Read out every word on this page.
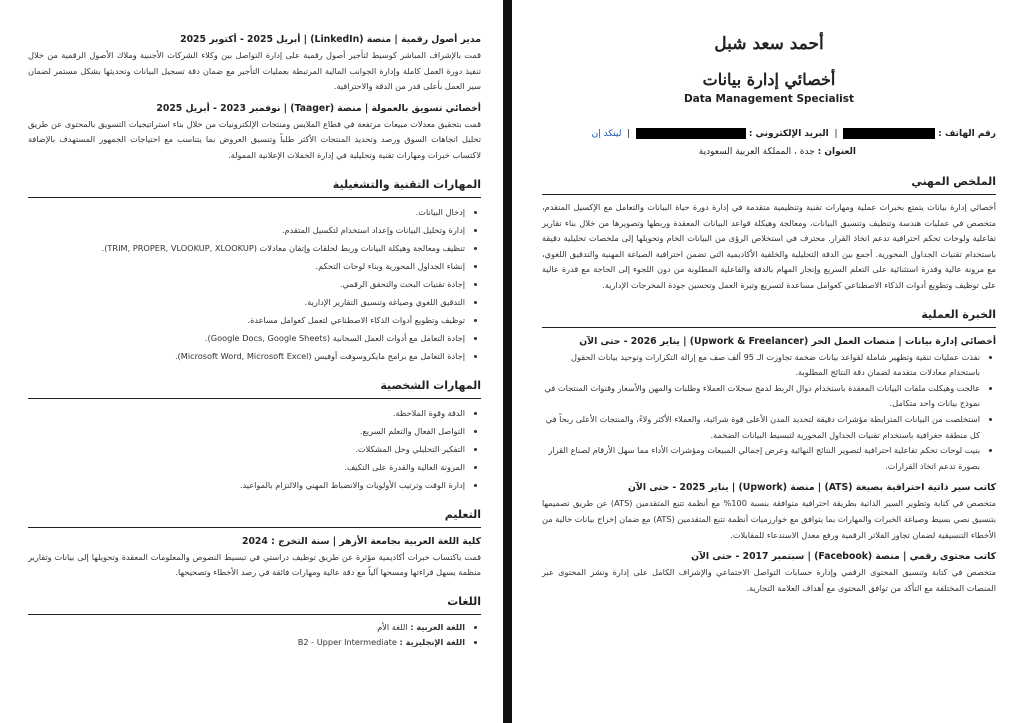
أحمد سعد شبل
أخصائي إدارة بيانات
Data Management Specialist
رقم الهاتف :   |  البريد الإلكتروني :   |  لينكد إن
العنوان : جدة ، المملكة العربية السعودية
الملخص المهني

أخصائي إدارة بيانات يتمتع بخبرات عملية ومهارات تقنية وتنظيمية متقدمة في إدارة دورة حياة البيانات والتعامل مع الإكسيل المتقدم، متخصص في عمليات هندسة وتنظيف وتنسيق البيانات، ومعالجة وهيكلة قواعد البيانات المعقدة وربطها وتصويرها من خلال بناء تقارير تفاعلية ولوحات تحكم احترافية تدعم اتخاذ القرار. محترف في استخلاص الرؤى من البيانات الخام وتحويلها إلى ملخصات تحليلية دقيقة باستخدام تقنيات الجداول المحورية. أجمع بين الدقة التحليلية والخلفية الأكاديمية التي تضمن احترافية الصياغة المهنية والتدقيق اللغوي، مع مرونة عالية وقدرة استثنائية على التعلم السريع وإنجاز المهام بالدقة والفاعلية المطلوبة من دون اللجوء إلى الحاجة مع قدرة عالية على توظيف وتطويع أدوات الذكاء الاصطناعي كعوامل مساعدة لتسريع وتيرة العمل وتحسين جودة المخرجات الإدارية.

الخبرة العملية
أخصائي إدارة بيانات | منصات العمل الحر (Upwork & Freelancer) | يناير 2026 - حتى الآن
• نفذت عمليات تنقية وتطهير شاملة لقواعد بيانات ضخمة تجاوزت الـ 95 ألف صف مع إزالة التكرارات وتوحيد بيانات الحقول باستخدام معادلات متقدمة لضمان دقة النتائج المطلوبة.
• عالجت وهيكلت ملفات البيانات المعقدة باستخدام دوال الربط لدمج سجلات العملاء وطلبات والمهن والأسعار وقنوات المنتجات في نموذج بيانات واحد متكامل.
• استخلصت من البيانات المترابطة مؤشرات دقيقة لتحديد المدن الأعلى قوة شرائية، والعملاء الأكثر ولاءً، والمنتجات الأعلى ربحاً في كل منطقة جغرافية باستخدام تقنيات الجداول المحورية لتبسيط البيانات الضخمة.
• بنيت لوحات تحكم تفاعلية احترافية لتصوير النتائج النهائية وعرض إجمالي المبيعات ومؤشرات الأداء مما سهل الأرقام لصناع القرار بصورة تدعم اتخاذ القرارات.
كاتب سير ذاتية احترافية بصيغة (ATS) | منصة (Upwork) | يناير 2025 - حتى الآن

متخصص في كتابة وتطوير السير الذاتية بطريقة احترافية متوافقة بنسبة 100% مع أنظمة تتبع المتقدمين (ATS) عن طريق تصميمها بتنسيق نصي بسيط وصياغة الخبرات والمهارات بما يتوافق مع خوارزميات أنظمة تتبع المتقدمين (ATS) مع ضمان إخراج بيانات خالية من الأخطاء التنسيقية لضمان تجاوز الفلاتر الرقمية ورفع معدل الاستدعاء للمقابلات.

كاتب محتوى رقمي | منصة (Facebook) | سبتمبر 2017 - حتى الآن

متخصص في كتابة وتنسيق المحتوى الرقمي وإدارة حسابات التواصل الاجتماعي والإشراف الكامل على إدارة ونشر المحتوى عبر المنصات المختلفة مع التأكد من توافق المحتوى مع أهداف العلامة التجارية.

مدير أصول رقمية | منصة (LinkedIn) | أبريل 2025 - أكتوبر 2025

قمت بالإشراف المباشر كوسيط لتأجير أصول رقمية على إدارة التواصل بين وكلاء الشركات الأجنبية وملاك الأصول الرقمية من خلال تنفيذ دورة العمل كاملة وإدارة الجوانب المالية المرتبطة بعمليات التأجير مع ضمان دقة تسجيل البيانات وتحديثها بشكل مستمر لضمان سير العمل بأعلى قدر من الدقة والاحترافية.

أخصائي تسويق بالعمولة | منصة (Taager) | نوفمبر 2023 - أبريل 2025

قمت بتحقيق معدلات مبيعات مرتفعة في قطاع الملابس ومنتجات الإلكترونيات من خلال بناء استراتيجيات التسويق بالمحتوى عن طريق تحليل اتجاهات السوق ورصد وتحديد المنتجات الأكثر طلباً وتنسيق العروض بما يتناسب مع احتياجات الجمهور المستهدف بالإضافة لاكتساب خبرات ومهارات تقنية وتحليلية في إدارة الحملات الإعلانية الممولة.

المهارات التقنية والتشغيلية
• إدخال البيانات.
• إدارة وتحليل البيانات وإعداد استخدام لتكسيل المتقدم.
• تنظيف ومعالجة وهيكلة البيانات وربط لحلقات وإتقان معادلات (TRIM, PROPER, VLOOKUP, XLOOKUP).
• إنشاء الجداول المحورية وبناء لوحات التحكم.
• إجادة تقنيات البحث والتحقق الرقمي.
• التدقيق اللغوي وصياغة وتنسيق التقارير الإدارية.
• توظيف وتطويع أدوات الذكاء الاصطناعي لتعمل كعوامل مساعدة.
• إجادة التعامل مع أدوات العمل السحابية (Google Docs, Google Sheets).
• إجادة التعامل مع برامج مايكروسوفت أوفيس (Microsoft Word, Microsoft Excel).
المهارات الشخصية
• الدقة وقوة الملاحظة.
• التواصل الفعال والتعلم السريع.
• التفكير التحليلي وحل المشكلات.
• المرونة العالية والقدرة على التكيف.
• إدارة الوقت وترتيب الأولويات والانضباط المهني والالتزام بالمواعيد.
التعليم
كلية اللغة العربية بجامعة الأزهر | سنة التخرج : 2024

قمت باكتساب خبرات أكاديمية مؤثرة عن طريق توظيف دراستي في تبسيط النصوص والمعلومات المعقدة وتحويلها إلى بيانات وتقارير منظمة يسهل قراءتها ومسحها آلياً مع دقة عالية ومهارات فائقة في رصد الأخطاء وتصحيحها.

اللغات
• اللغة العربية : اللغة الأم
• اللغة الإنجليزية : B2 - Upper Intermediate
